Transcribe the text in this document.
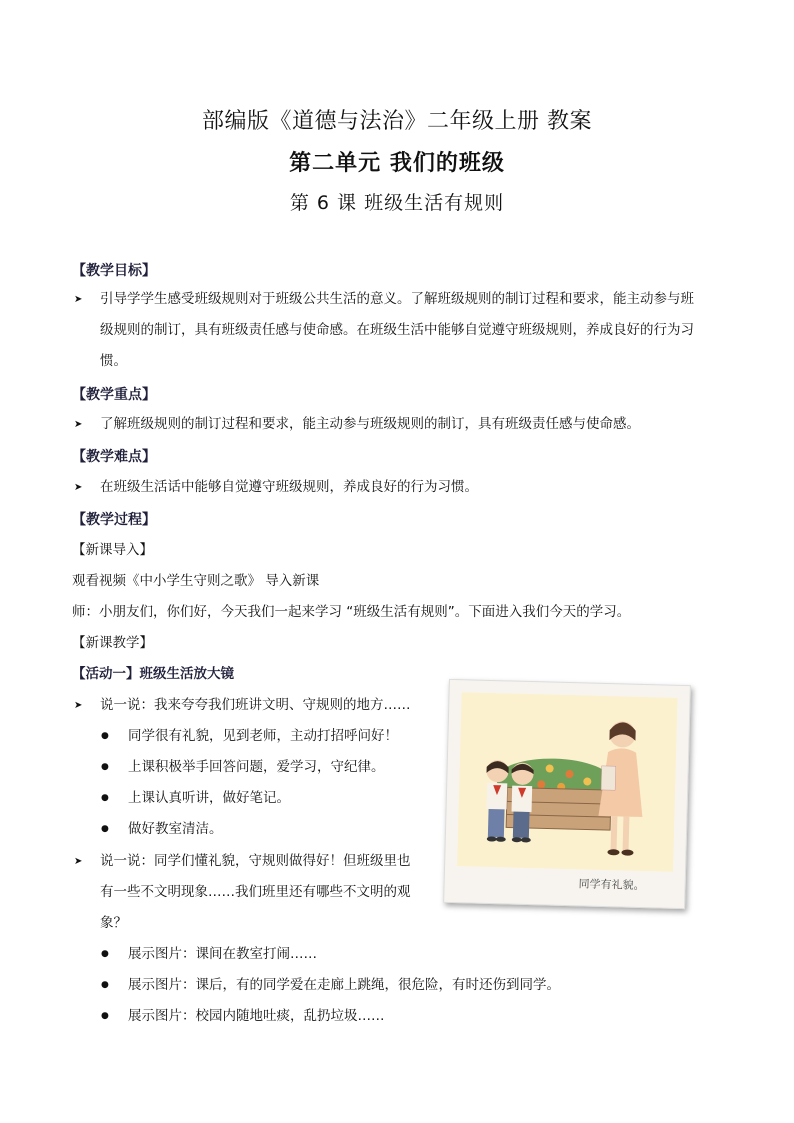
部编版《道德与法治》二年级上册 教案
第二单元 我们的班级
第 6 课 班级生活有规则
【教学目标】
➤ 引导学学生感受班级规则对于班级公共生活的意义。了解班级规则的制订过程和要求，能主动参与班
级规则的制订，具有班级责任感与使命感。在班级生活中能够自觉遵守班级规则，养成良好的行为习
惯。
【教学重点】
➤ 了解班级规则的制订过程和要求，能主动参与班级规则的制订，具有班级责任感与使命感。
【教学难点】
➤ 在班级生活话中能够自觉遵守班级规则，养成良好的行为习惯。
【教学过程】
【新课导入】
观看视频《中小学生守则之歌》 导入新课
师：小朋友们，你们好，今天我们一起来学习 “班级生活有规则”。下面进入我们今天的学习。
【新课教学】
【活动一】班级生活放大镜
➤ 说一说：我来夸夸我们班讲文明、守规则的地方……
● 同学很有礼貌，见到老师，主动打招呼问好！
● 上课积极举手回答问题，爱学习，守纪律。
● 上课认真听讲，做好笔记。
● 做好教室清洁。
➤ 说一说：同学们懂礼貌，守规则做得好！但班级里也
有一些不文明现象……我们班里还有哪些不文明的观
象？
● 展示图片：课间在教室打闹……
● 展示图片：课后，有的同学爱在走廊上跳绳，很危险，有时还伤到同学。
● 展示图片：校园内随地吐痰，乱扔垃圾……
同学有礼貌。
